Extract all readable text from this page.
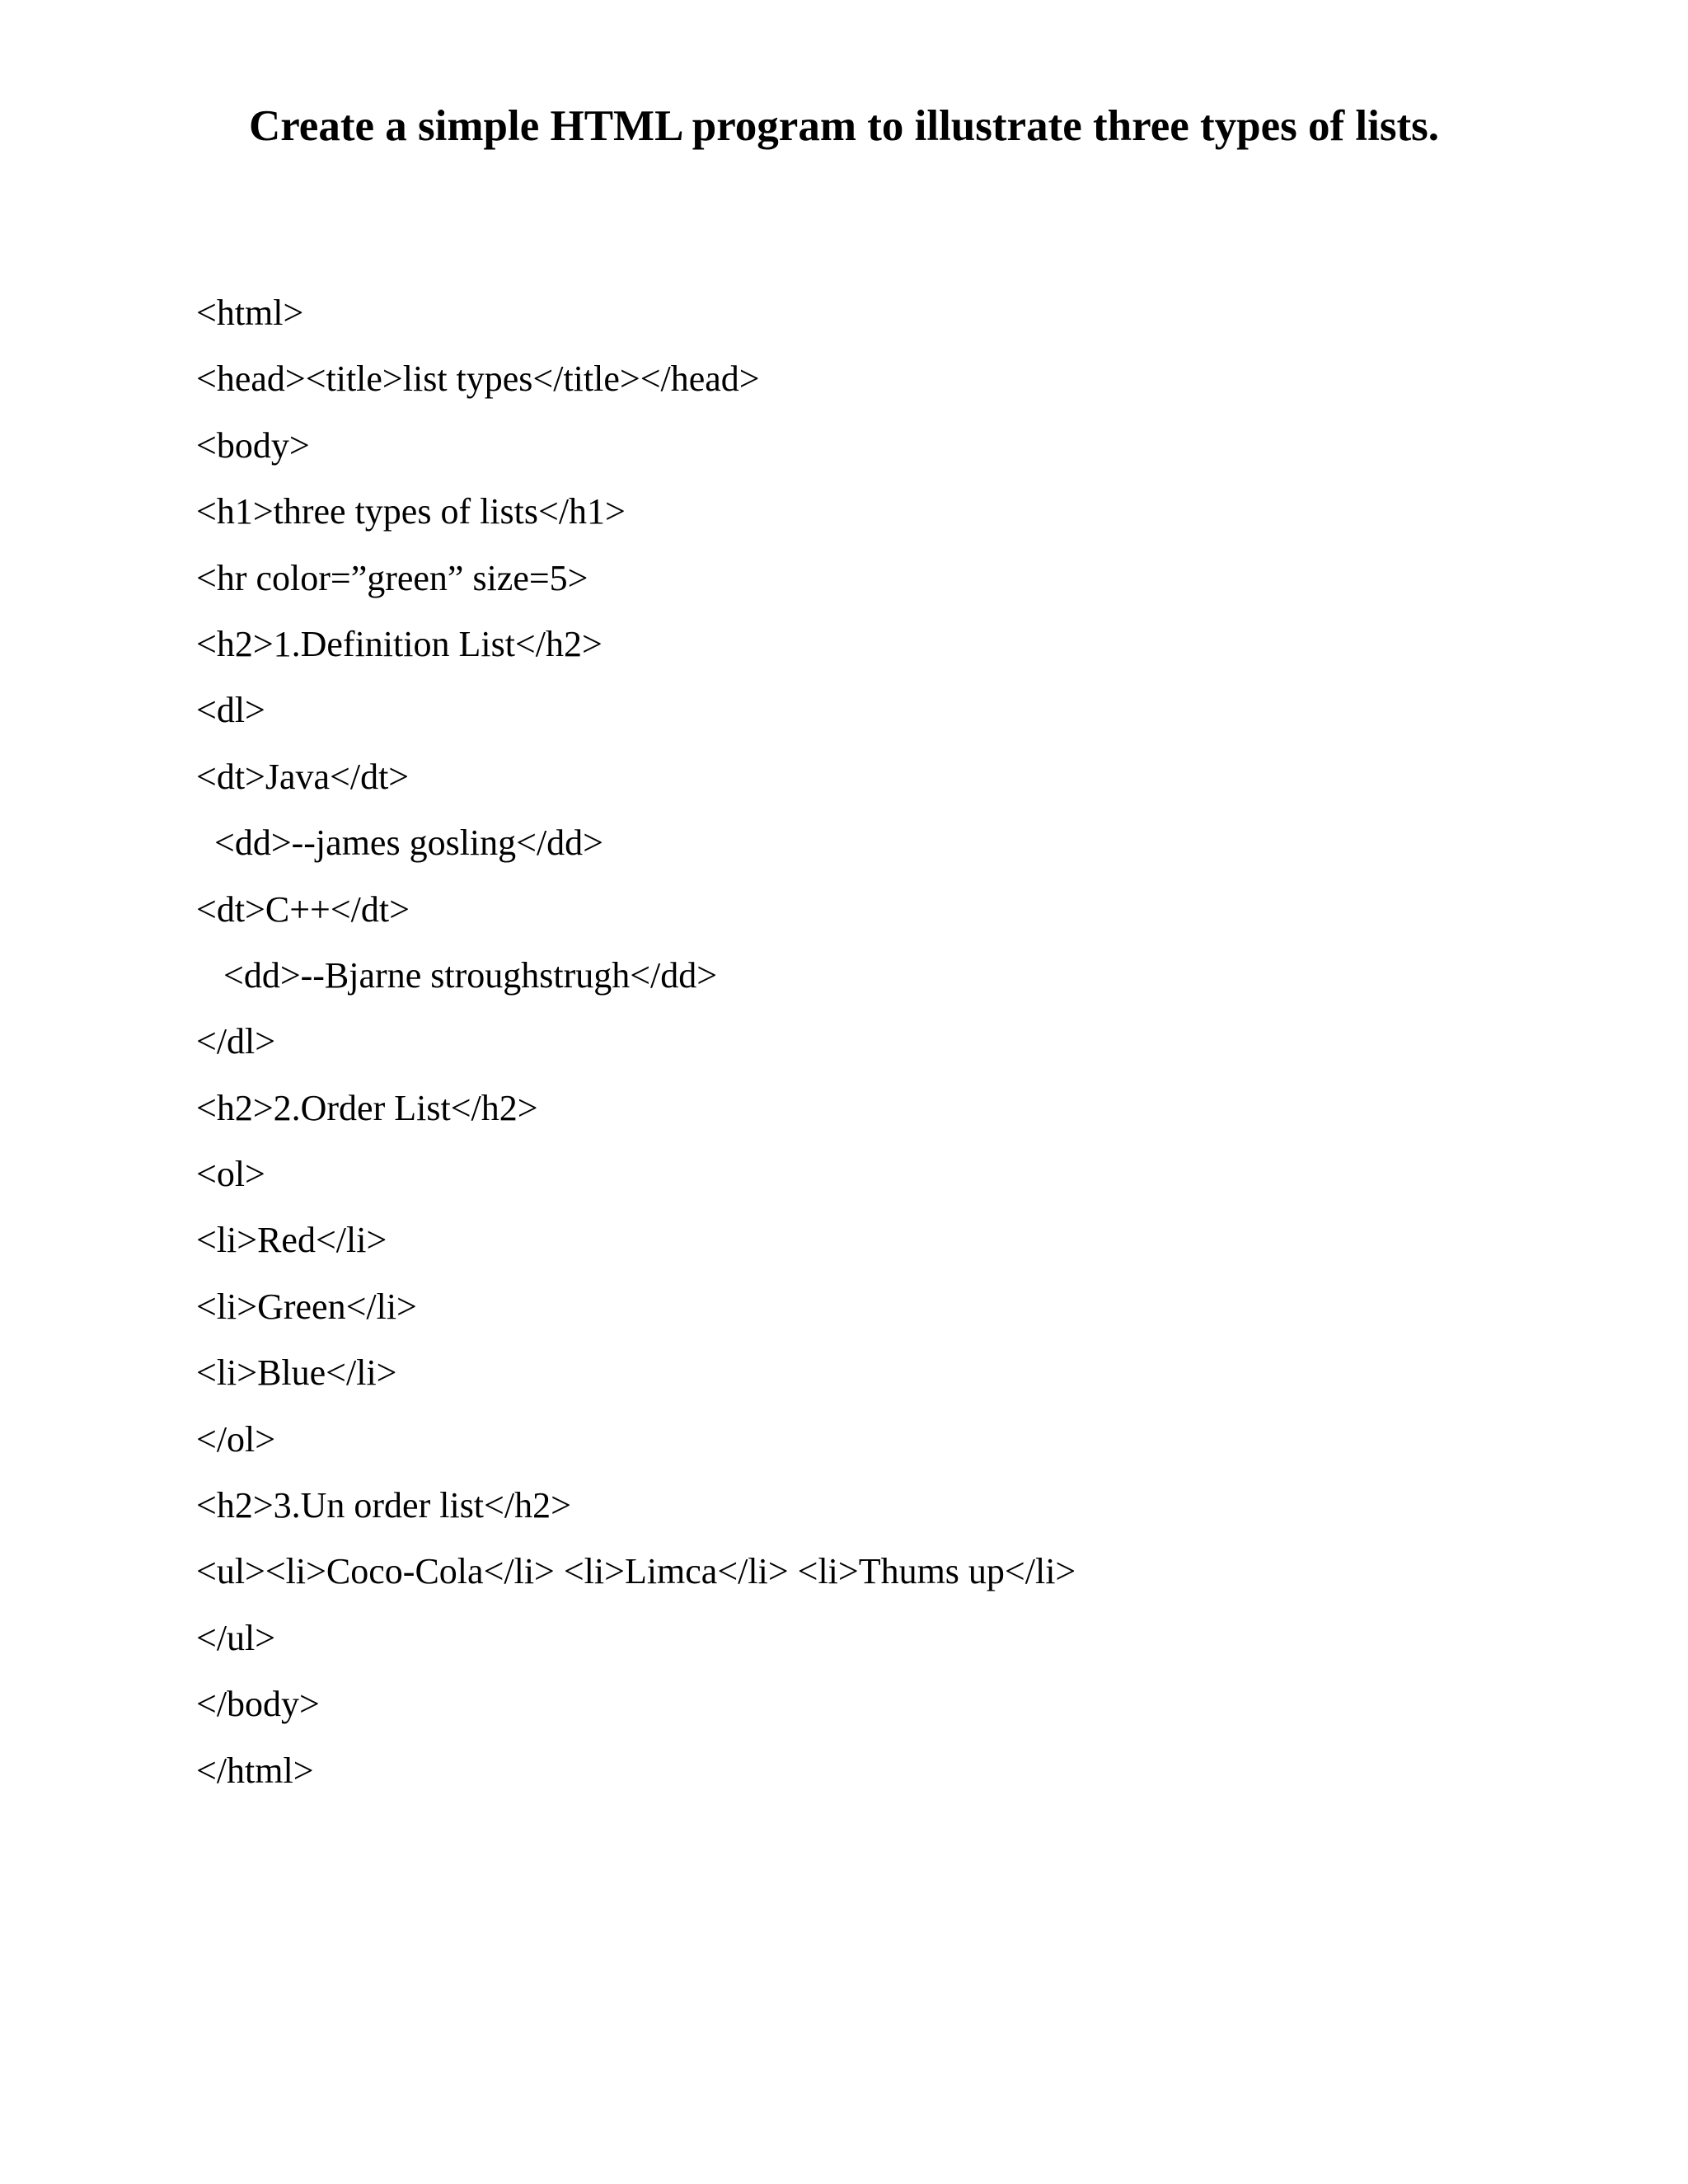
Create a simple HTML program to illustrate three types of lists.
<html>
<head><title>list types</title></head>
<body>
<h1>three types of lists</h1>
<hr color=”green” size=5>
<h2>1.Definition List</h2>
<dl>
<dt>Java</dt>
<dd>--james gosling</dd>
<dt>C++</dt>
<dd>--Bjarne stroughstrugh</dd>
</dl>
<h2>2.Order List</h2>
<ol>
<li>Red</li>
<li>Green</li>
<li>Blue</li>
</ol>
<h2>3.Un order list</h2>
<ul><li>Coco-Cola</li> <li>Limca</li> <li>Thums up</li>
</ul>
</body>
</html>
